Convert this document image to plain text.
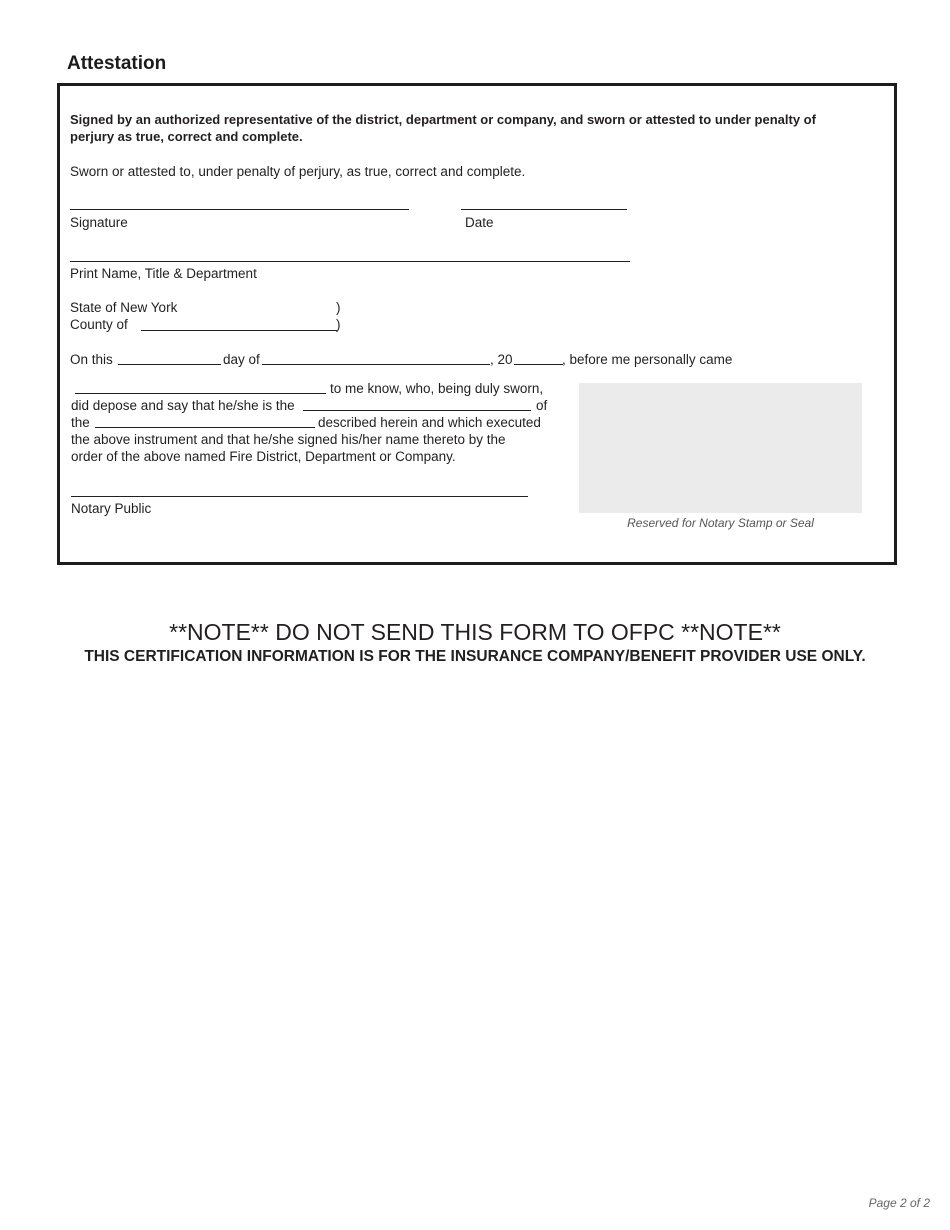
Attestation
Signed by an authorized representative of the district, department or company, and sworn or attested to under penalty of perjury as true, correct and complete.
Sworn or attested to, under penalty of perjury, as true, correct and complete.
Signature	Date
Print Name, Title & Department
State of New York	)
County of	)
On this	day of	, 20	, before me personally came
to me know, who, being duly sworn,
did depose and say that he/she is the	of
the	described herein and which executed
the above instrument and that he/she signed his/her name thereto by the
order of the above named Fire District, Department or Company.
Notary Public
Reserved for Notary Stamp or Seal
**NOTE** DO NOT SEND THIS FORM TO OFPC **NOTE**
THIS CERTIFICATION INFORMATION IS FOR THE INSURANCE COMPANY/BENEFIT PROVIDER USE ONLY.
Page 2 of 2
